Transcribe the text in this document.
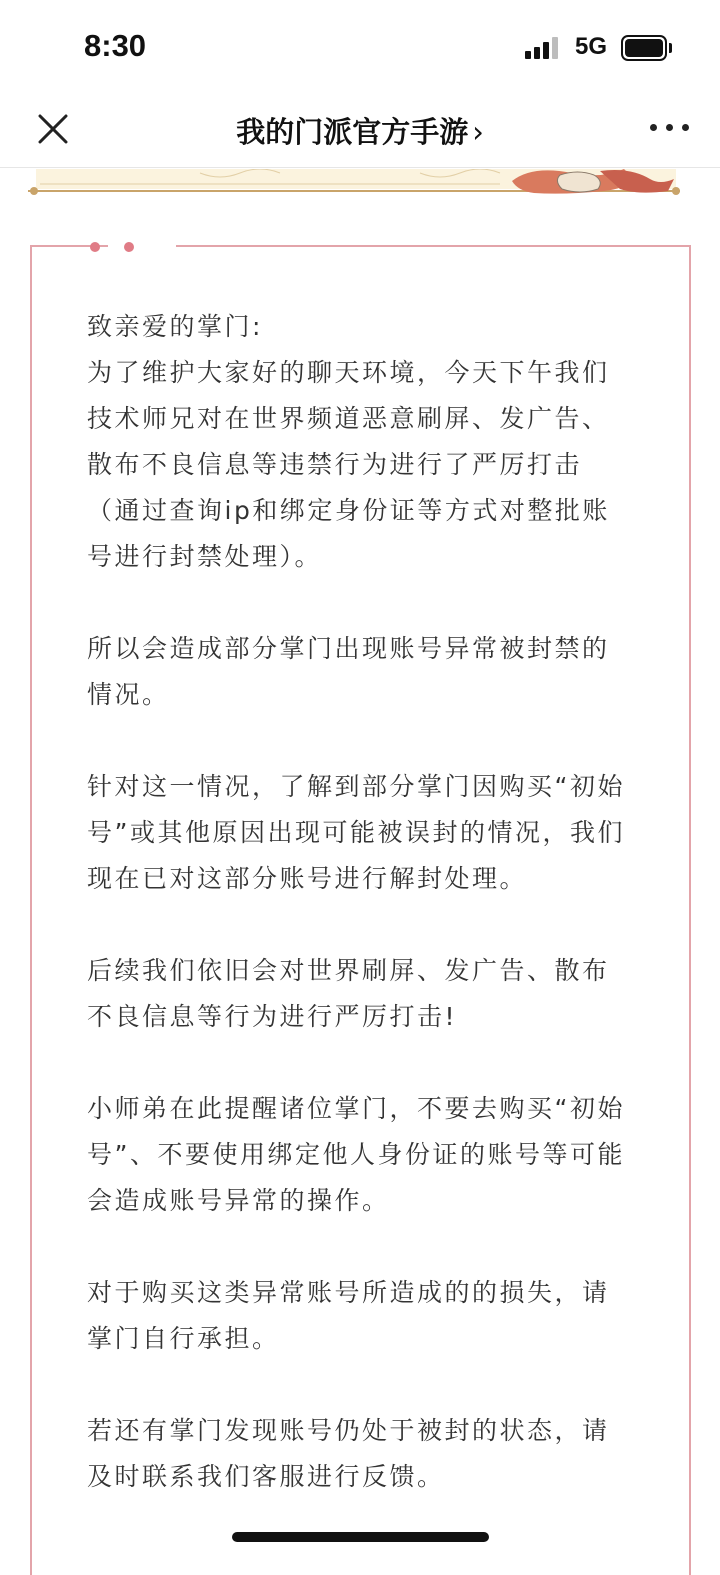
8:30	5G
我的门派官方手游 ›

致亲爱的掌门:

为了维护大家好的聊天环境，今天下午我们技术师兄对在世界频道恶意刷屏、发广告、散布不良信息等违禁行为进行了严厉打击（通过查询ip和绑定身份证等方式对整批账号进行封禁处理）。

所以会造成部分掌门出现账号异常被封禁的情况。

针对这一情况，了解到部分掌门因购买“初始号”或其他原因出现可能被误封的情况，我们现在已对这部分账号进行解封处理。

后续我们依旧会对世界刷屏、发广告、散布不良信息等行为进行严厉打击!

小师弟在此提醒诸位掌门，不要去购买“初始号”、不要使用绑定他人身份证的账号等可能会造成账号异常的操作。

对于购买这类异常账号所造成的的损失，请掌门自行承担。

若还有掌门发现账号仍处于被封的状态，请及时联系我们客服进行反馈。
